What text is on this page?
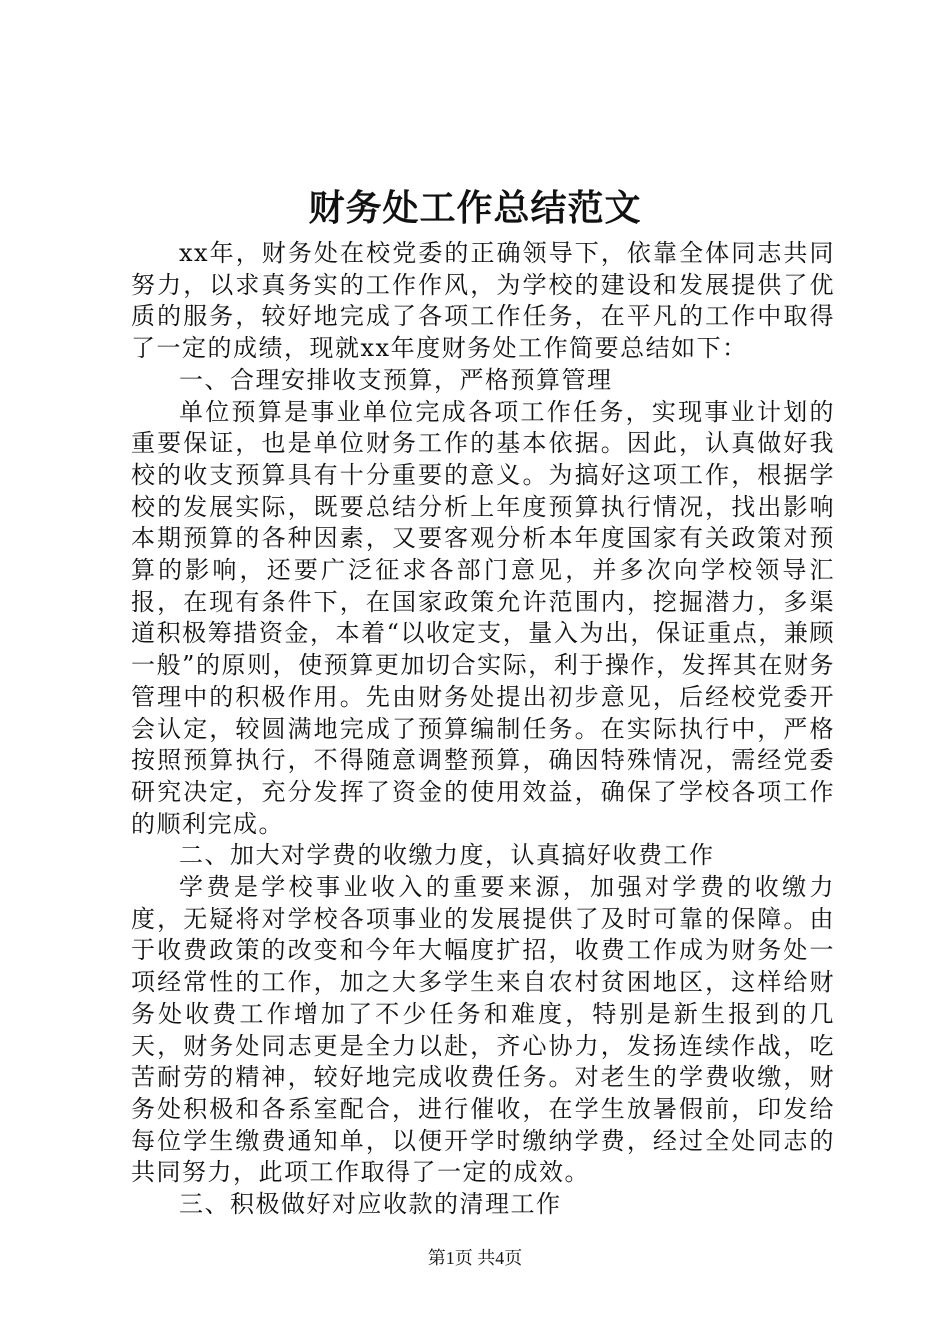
财务处工作总结范文

xx年，财务处在校党委的正确领导下，依靠全体同志共同努力，以求真务实的工作作风，为学校的建设和发展提供了优质的服务，较好地完成了各项工作任务，在平凡的工作中取得了一定的成绩，现就xx年度财务处工作简要总结如下：

一、合理安排收支预算，严格预算管理

单位预算是事业单位完成各项工作任务，实现事业计划的重要保证，也是单位财务工作的基本依据。因此，认真做好我校的收支预算具有十分重要的意义。为搞好这项工作，根据学校的发展实际，既要总结分析上年度预算执行情况，找出影响本期预算的各种因素，又要客观分析本年度国家有关政策对预算的影响，还要广泛征求各部门意见，并多次向学校领导汇报，在现有条件下，在国家政策允许范围内，挖掘潜力，多渠道积极筹措资金，本着“以收定支，量入为出，保证重点，兼顾一般”的原则，使预算更加切合实际，利于操作，发挥其在财务管理中的积极作用。先由财务处提出初步意见，后经校党委开会认定，较圆满地完成了预算编制任务。在实际执行中，严格按照预算执行，不得随意调整预算，确因特殊情况，需经党委研究决定，充分发挥了资金的使用效益，确保了学校各项工作的顺利完成。

二、加大对学费的收缴力度，认真搞好收费工作

学费是学校事业收入的重要来源，加强对学费的收缴力度，无疑将对学校各项事业的发展提供了及时可靠的保障。由于收费政策的改变和今年大幅度扩招，收费工作成为财务处一项经常性的工作，加之大多学生来自农村贫困地区，这样给财务处收费工作增加了不少任务和难度，特别是新生报到的几天，财务处同志更是全力以赴，齐心协力，发扬连续作战，吃苦耐劳的精神，较好地完成收费任务。对老生的学费收缴，财务处积极和各系室配合，进行催收，在学生放暑假前，印发给每位学生缴费通知单，以便开学时缴纳学费，经过全处同志的共同努力，此项工作取得了一定的成效。

三、积极做好对应收款的清理工作

第1页 共4页
